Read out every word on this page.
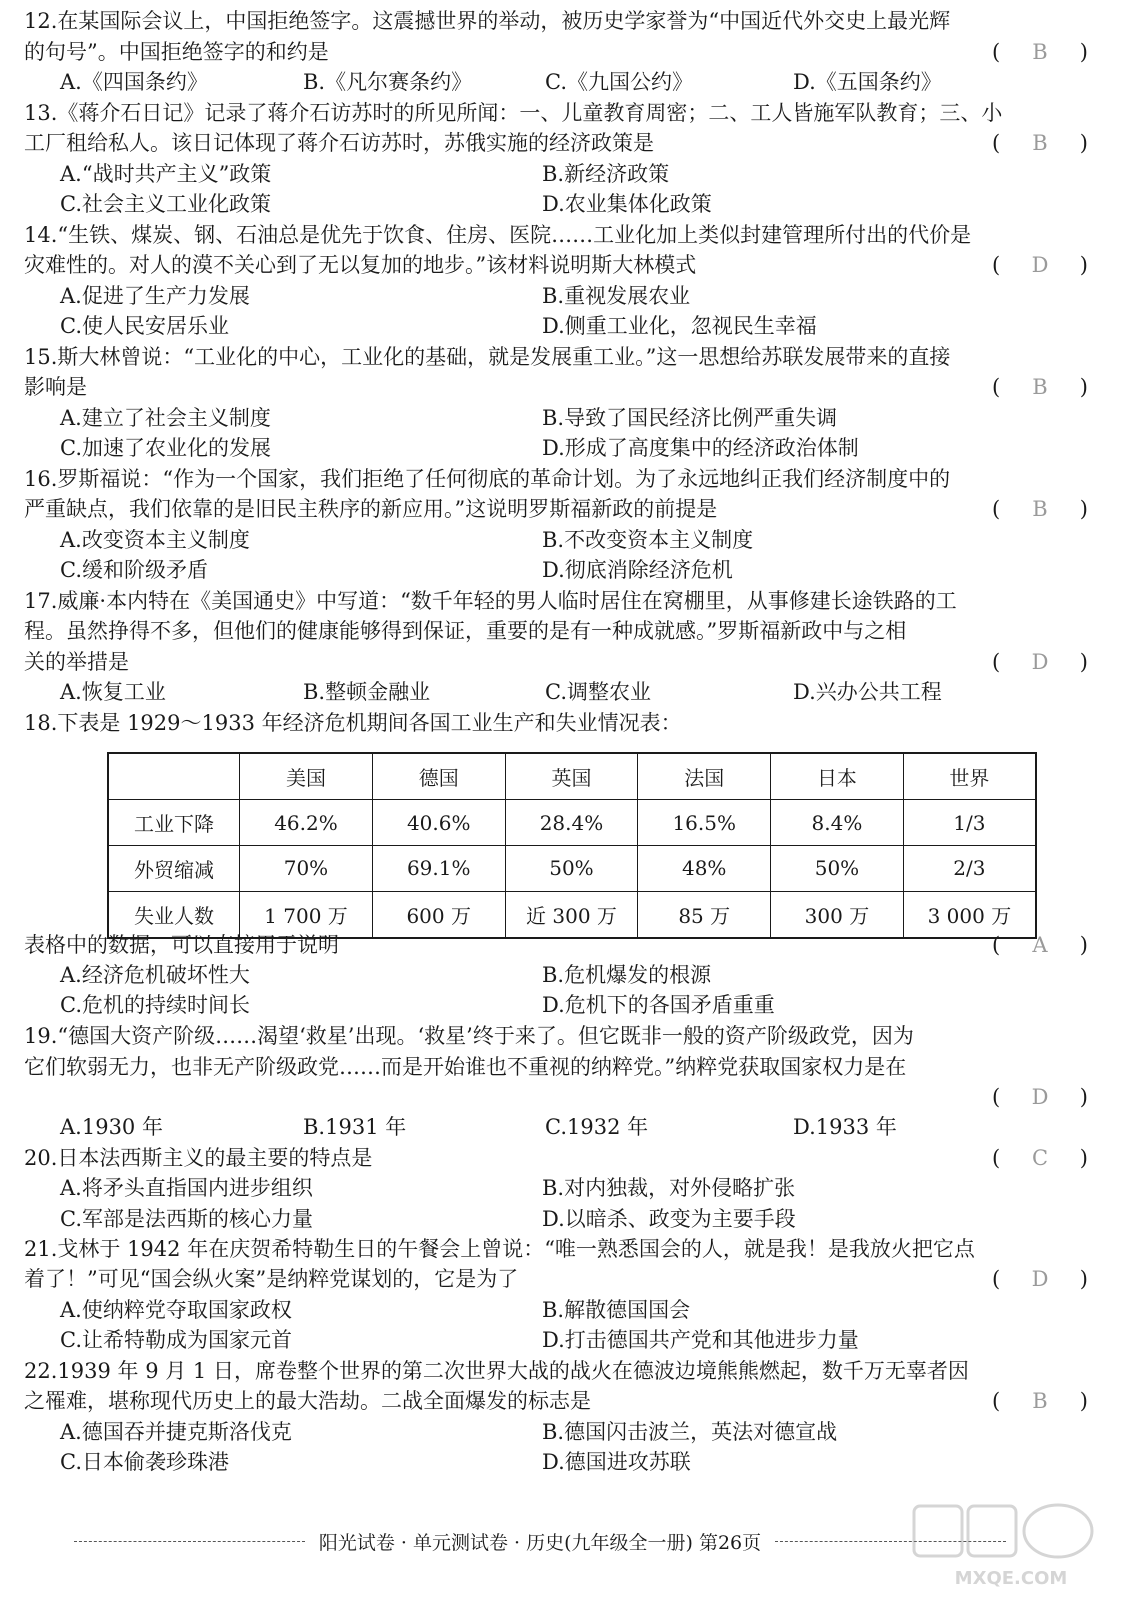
12.在某国际会议上，中国拒绝签字。这震撼世界的举动，被历史学家誉为“中国近代外交史上最光辉
的句号”。中国拒绝签字的和约是	( B )
A.《四国条约》	B.《凡尔赛条约》	C.《九国公约》	D.《五国条约》
13.《蒋介石日记》记录了蒋介石访苏时的所见所闻：一、儿童教育周密；二、工人皆施军队教育；三、小
工厂租给私人。该日记体现了蒋介石访苏时，苏俄实施的经济政策是	( B )
A.“战时共产主义”政策	B.新经济政策
C.社会主义工业化政策	D.农业集体化政策
14.“生铁、煤炭、钢、石油总是优先于饮食、住房、医院……工业化加上类似封建管理所付出的代价是
灾难性的。对人的漠不关心到了无以复加的地步。”该材料说明斯大林模式	( D )
A.促进了生产力发展	B.重视发展农业
C.使人民安居乐业	D.侧重工业化，忽视民生幸福
15.斯大林曾说：“工业化的中心，工业化的基础，就是发展重工业。”这一思想给苏联发展带来的直接
影响是	( B )
A.建立了社会主义制度	B.导致了国民经济比例严重失调
C.加速了农业化的发展	D.形成了高度集中的经济政治体制
16.罗斯福说：“作为一个国家，我们拒绝了任何彻底的革命计划。为了永远地纠正我们经济制度中的
严重缺点，我们依靠的是旧民主秩序的新应用。”这说明罗斯福新政的前提是	( B )
A.改变资本主义制度	B.不改变资本主义制度
C.缓和阶级矛盾	D.彻底消除经济危机
17.威廉·本内特在《美国通史》中写道：“数千年轻的男人临时居住在窝棚里，从事修建长途铁路的工
程。虽然挣得不多，但他们的健康能够得到保证，重要的是有一种成就感。”罗斯福新政中与之相
关的举措是	( D )
A.恢复工业	B.整顿金融业	C.调整农业	D.兴办公共工程
18.下表是 1929～1933 年经济危机期间各国工业生产和失业情况表：
表格中的数据，可以直接用于说明	( A )
A.经济危机破坏性大	B.危机爆发的根源
C.危机的持续时间长	D.危机下的各国矛盾重重
19.“德国大资产阶级……渴望‘救星’出现。‘救星’终于来了。但它既非一般的资产阶级政党，因为
它们软弱无力，也非无产阶级政党……而是开始谁也不重视的纳粹党。”纳粹党获取国家权力是在
( D )
A.1930 年	B.1931 年	C.1932 年	D.1933 年
20.日本法西斯主义的最主要的特点是	( C )
A.将矛头直指国内进步组织	B.对内独裁，对外侵略扩张
C.军部是法西斯的核心力量	D.以暗杀、政变为主要手段
21.戈林于 1942 年在庆贺希特勒生日的午餐会上曾说：“唯一熟悉国会的人，就是我！是我放火把它点
着了！”可见“国会纵火案”是纳粹党谋划的，它是为了	( D )
A.使纳粹党夺取国家政权	B.解散德国国会
C.让希特勒成为国家元首	D.打击德国共产党和其他进步力量
22.1939 年 9 月 1 日，席卷整个世界的第二次世界大战的战火在德波边境熊熊燃起，数千万无辜者因
之罹难，堪称现代历史上的最大浩劫。二战全面爆发的标志是	( B )
A.德国吞并捷克斯洛伐克	B.德国闪击波兰，英法对德宣战
C.日本偷袭珍珠港	D.德国进攻苏联
	美国	德国	英国	法国	日本	世界
工业下降	46.2%	40.6%	28.4%	16.5%	8.4%	1/3
外贸缩减	70%	69.1%	50%	48%	50%	2/3
失业人数	1 700 万	600 万	近 300 万	85 万	300 万	3 000 万
阳光试卷 · 单元测试卷 · 历史(九年级全一册) 第26页
MXQE.COM
